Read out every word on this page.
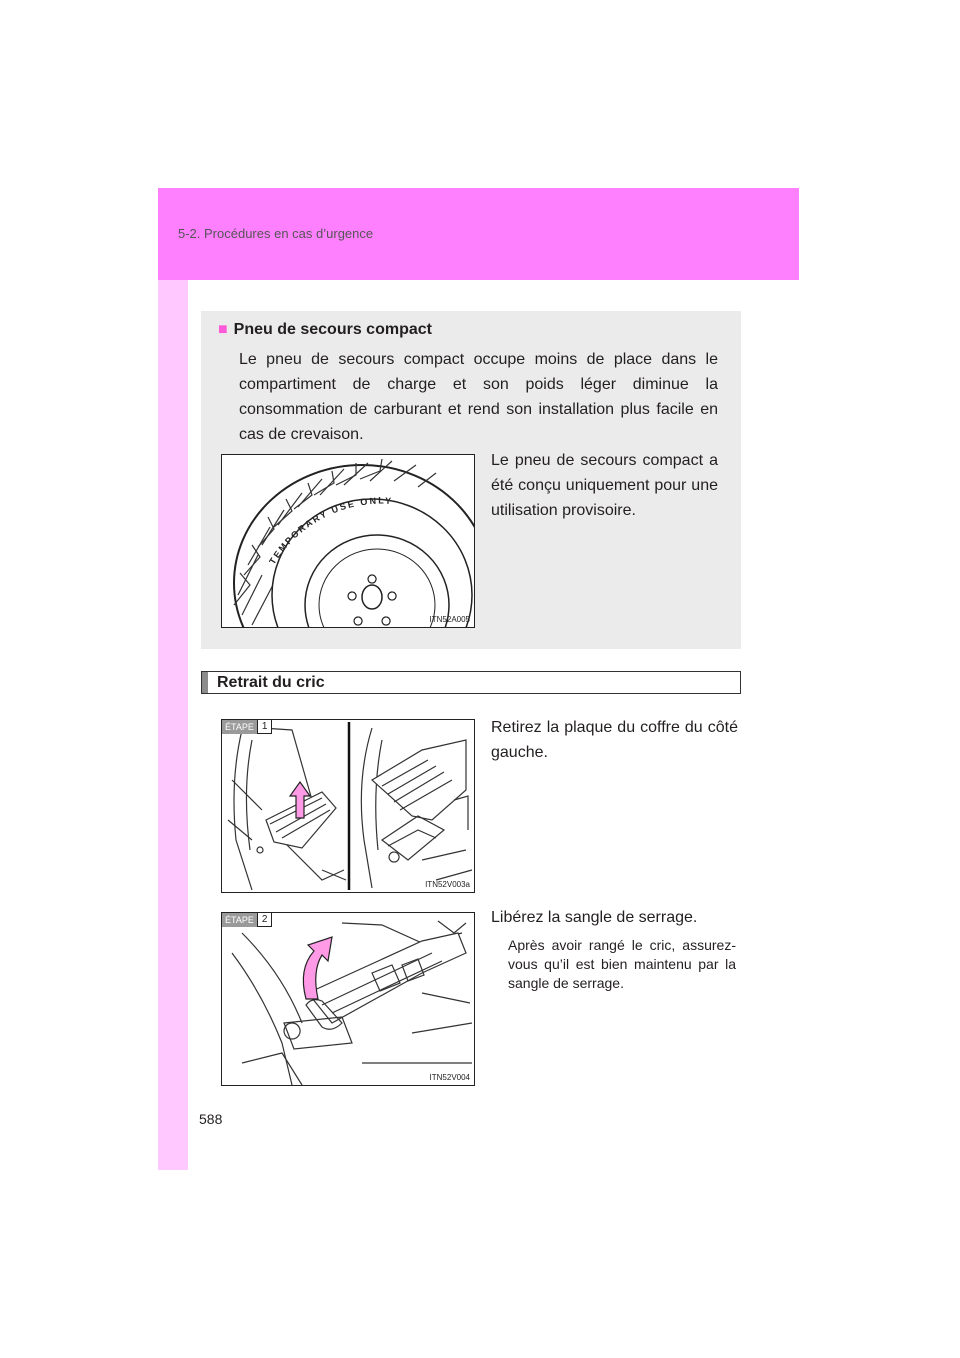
5-2. Procédures en cas d’urgence
■ Pneu de secours compact
Le pneu de secours compact occupe moins de place dans le compartiment de charge et son poids léger diminue la consommation de carburant et rend son installation plus facile en cas de crevaison.
TEMPORARY USE ONLY
ITN52A005
Le pneu de secours compact a été conçu uniquement pour une utilisation provisoire.
Retrait du cric
ÉTAPE 1
ITN52V003a
Retirez la plaque du coffre du côté gauche.
ÉTAPE 2
ITN52V004
Libérez la sangle de serrage.
Après avoir rangé le cric, assurez-vous qu’il est bien maintenu par la sangle de serrage.
588
